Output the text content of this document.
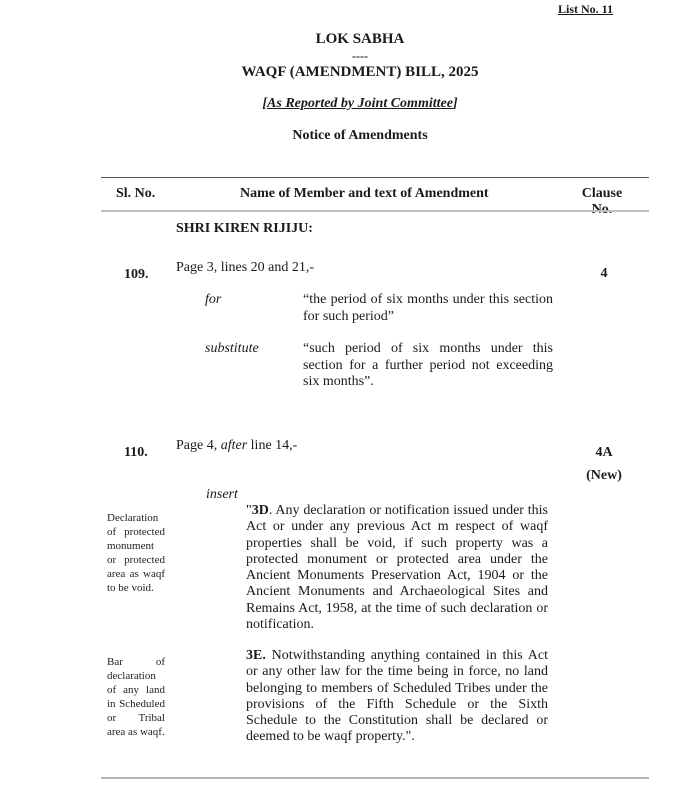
List No. 11
LOK SABHA
----
WAQF (AMENDMENT) BILL, 2025
[As Reported by Joint Committee]
Notice of Amendments
Sl. No.	Name of Member and text of Amendment	Clause No.
SHRI KIREN RIJIJU:
109. Page 3, lines 20 and 21,-	4
for	“the period of six months under this section for such period”
substitute	“such period of six months under this section for a further period not exceeding six months”.
110. Page 4, after line 14,-	4A
(New)
insert
Declaration of protected monument or protected area as waqf to be void.
"3D. Any declaration or notification issued under this Act or under any previous Act m respect of waqf properties shall be void, if such property was a protected monument or protected area under the Ancient Monuments Preservation Act, 1904 or the Ancient Monuments and Archaeological Sites and Remains Act, 1958, at the time of such declaration or notification.
Bar of declaration of any land in Scheduled or Tribal area as waqf.
3E. Notwithstanding anything contained in this Act or any other law for the time being in force, no land belonging to members of Scheduled Tribes under the provisions of the Fifth Schedule or the Sixth Schedule to the Constitution shall be declared or deemed to be waqf property.".
